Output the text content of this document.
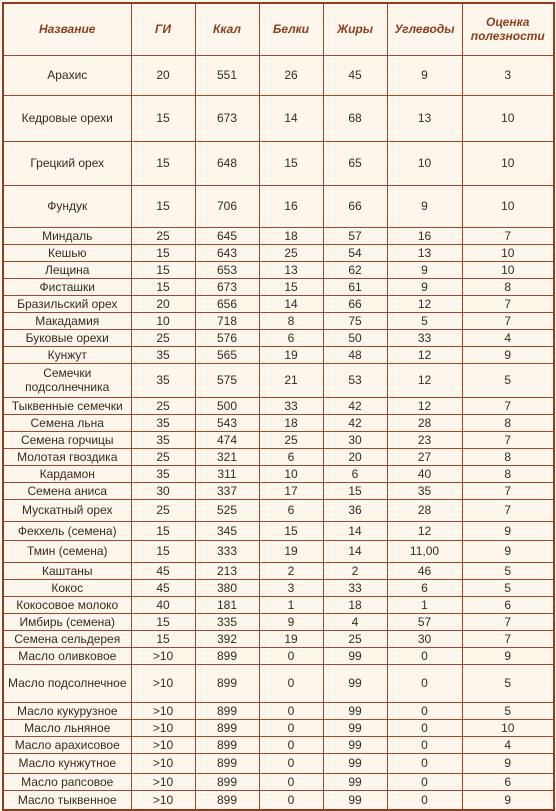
Название	ГИ	Ккал	Белки	Жиры	Углеводы	Оценка полезности
Арахис	20	551	26	45	9	3
Кедровые орехи	15	673	14	68	13	10
Грецкий орех	15	648	15	65	10	10
Фундук	15	706	16	66	9	10
Миндаль	25	645	18	57	16	7
Кешью	15	643	25	54	13	10
Лещина	15	653	13	62	9	10
Фисташки	15	673	15	61	9	8
Бразильский орех	20	656	14	66	12	7
Макадамия	10	718	8	75	5	7
Буковые орехи	25	576	6	50	33	4
Кунжут	35	565	19	48	12	9
Семечки подсолнечника	35	575	21	53	12	5
Тыквенные семечки	25	500	33	42	12	7
Семена льна	35	543	18	42	28	8
Семена горчицы	35	474	25	30	23	7
Молотая гвоздика	25	321	6	20	27	8
Кардамон	35	311	10	6	40	8
Семена аниса	30	337	17	15	35	7
Мускатный орех	25	525	6	36	28	7
Фекхель (семена)	15	345	15	14	12	9
Тмин (семена)	15	333	19	14	11,00	9
Каштаны	45	213	2	2	46	5
Кокос	45	380	3	33	6	5
Кокосовое молоко	40	181	1	18	1	6
Имбирь (семена)	15	335	9	4	57	7
Семена сельдерея	15	392	19	25	30	7
Масло оливковое	>10	899	0	99	0	9
Масло подсолнечное	>10	899	0	99	0	5
Масло кукурузное	>10	899	0	99	0	5
Масло льняное	>10	899	0	99	0	10
Масло арахисовое	>10	899	0	99	0	4
Масло кунжутное	>10	899	0	99	0	9
Масло рапсовое	>10	899	0	99	0	6
Масло тыквенное	>10	899	0	99	0	9
